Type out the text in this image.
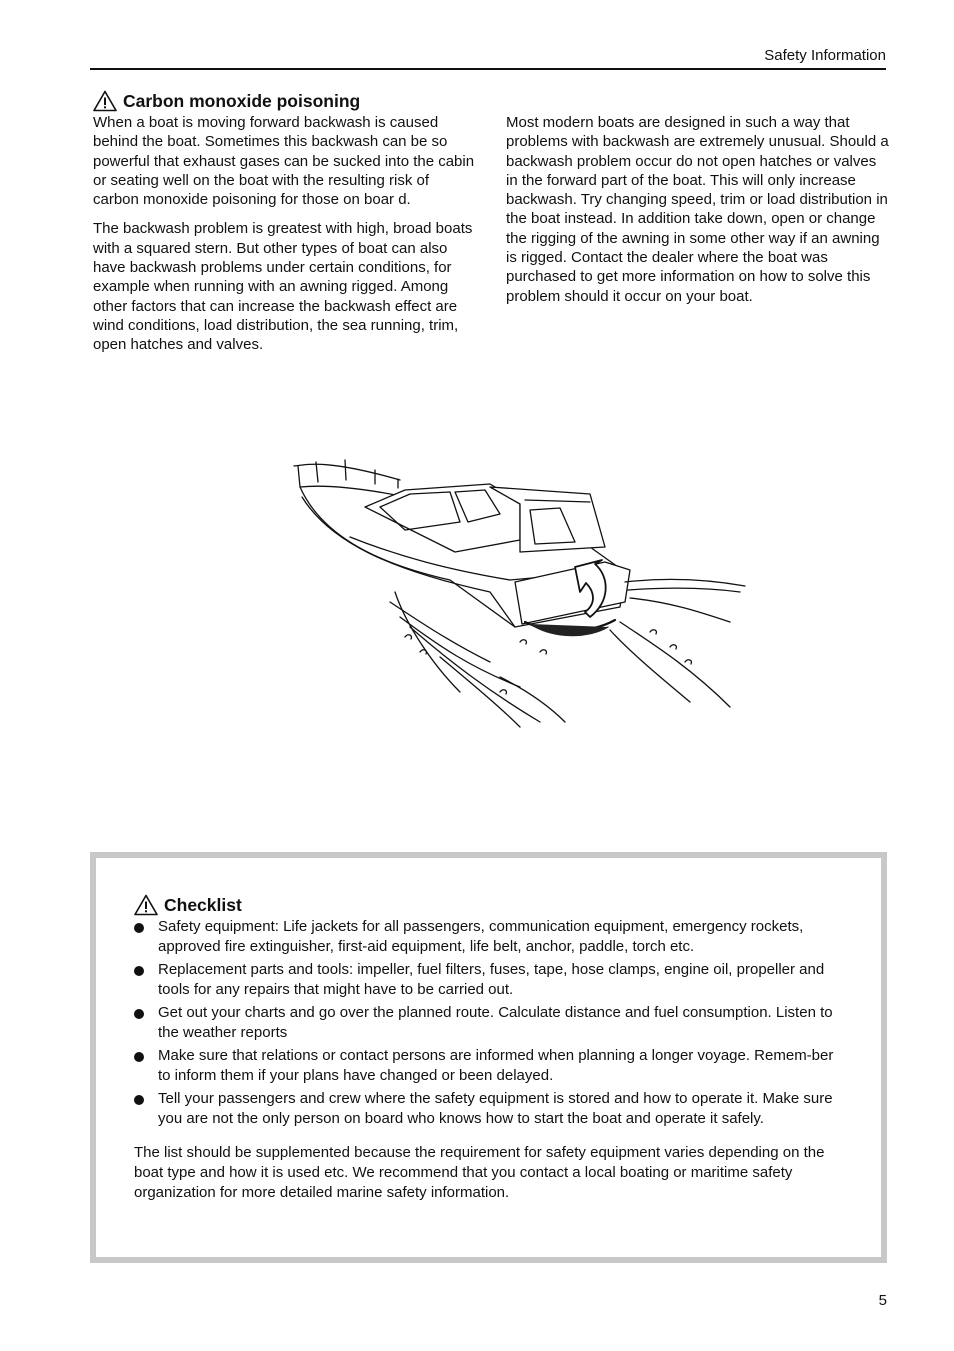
Safety Information
Carbon monoxide poisoning

When a boat is moving forward backwash is caused behind the boat. Sometimes this backwash can be so powerful that exhaust gases can be sucked into the cabin or seating well on the boat with the resulting risk of carbon monoxide poisoning for those on boar d.

The backwash problem is greatest with high, broad boats with a squared stern. But other types of boat can also have backwash problems under certain conditions, for example when running with an awning rigged. Among other factors that can increase the backwash effect are wind conditions, load distribution, the sea running, trim, open hatches and valves.

Most modern boats are designed in such a way that problems with backwash are extremely unusual. Should a backwash problem occur do not open hatches or valves in the forward part of the boat. This will only increase backwash. Try changing speed, trim or load distribution in the boat instead. In addition take down, open or change the rigging of the awning in some other way if an awning is rigged. Contact the dealer where the boat was purchased to get more information on how to solve this problem should it occur on your boat.

Checklist
Safety equipment: Life jackets for all passengers, communication equipment, emergency rockets, approved fire extinguisher, first-aid equipment, life belt, anchor, paddle, torch etc.
Replacement parts and tools: impeller, fuel filters, fuses, tape, hose clamps, engine oil, propeller and tools for any repairs that might have to be carried out.
Get out your charts and go over the planned route. Calculate distance and fuel consumption. Listen to the weather reports
Make sure that relations or contact persons are informed when planning a longer voyage. Remem-ber to inform them if your plans have changed or been delayed.
Tell your passengers and crew where the safety equipment is stored and how to operate it. Make sure you are not the only person on board who knows how to start the boat and operate it safely.
The list should be supplemented because the requirement for safety equipment varies depending on the boat type and how it is used etc. We recommend that you contact a local boating or maritime safety organization for more detailed marine safety information.
5
